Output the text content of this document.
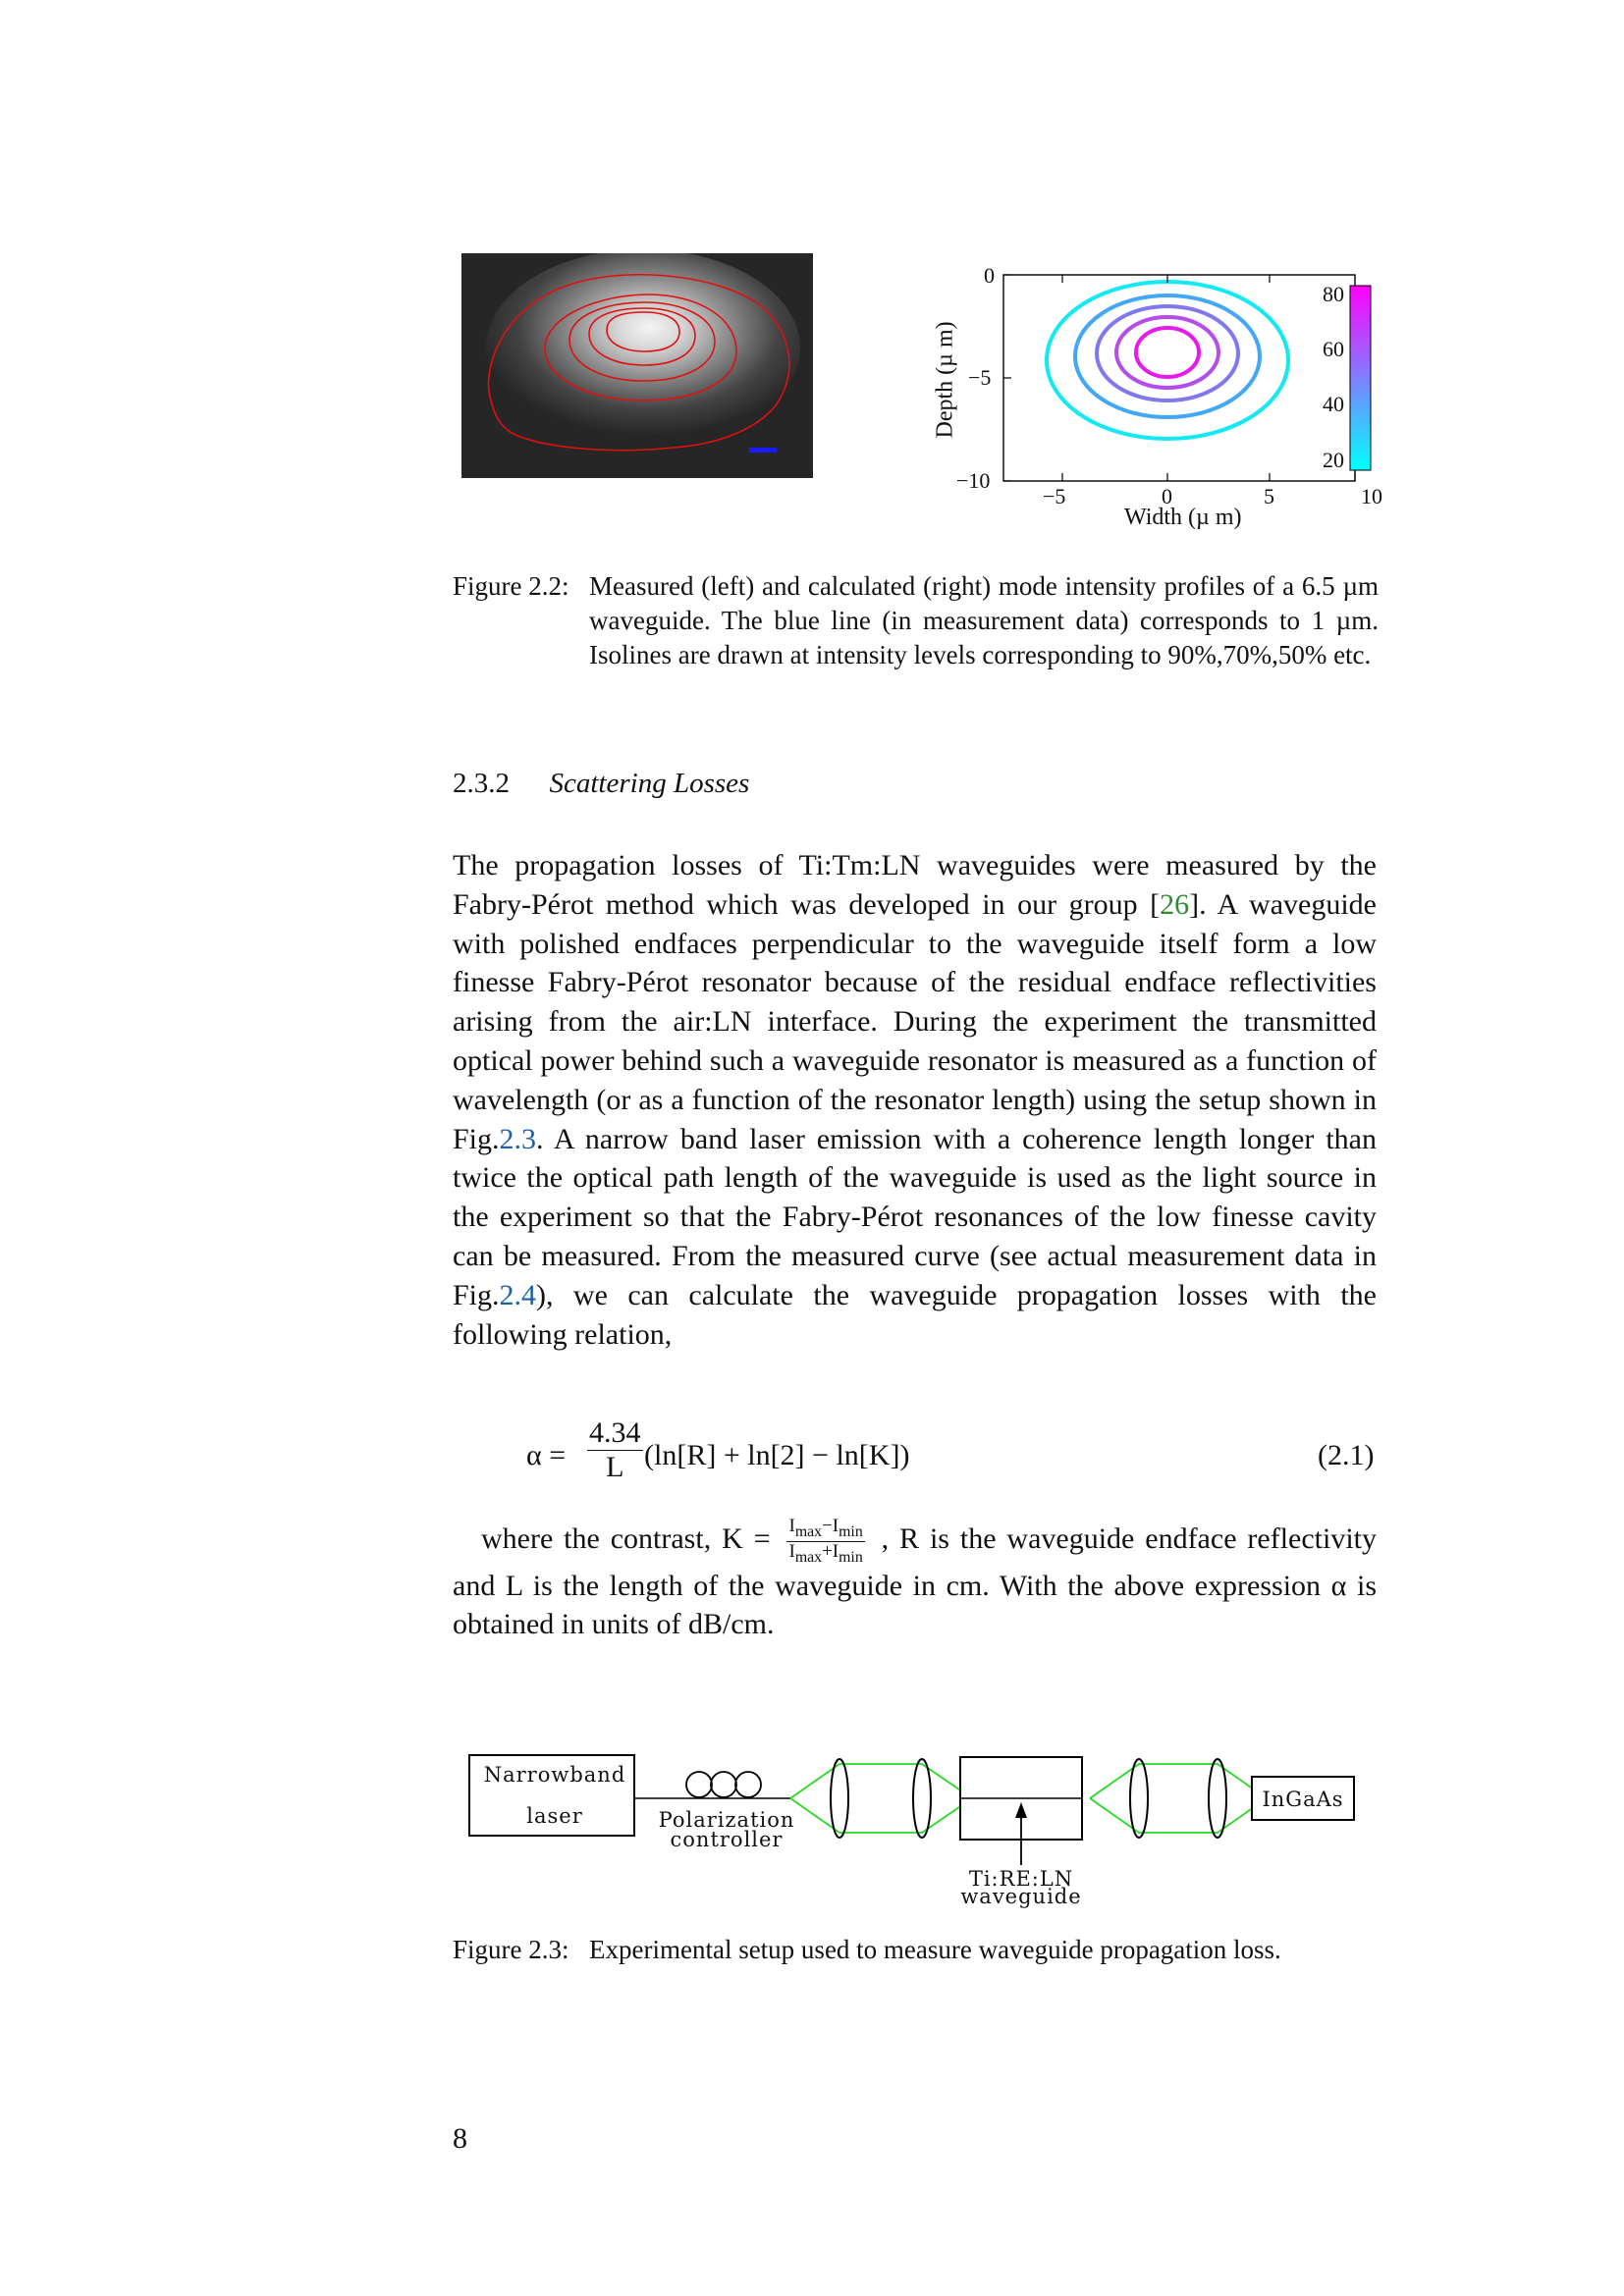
0
−5
−10
−5	0	5	10
Width (µ m)
Depth (µ m)
80
60
40
20
Figure 2.2: Measured (left) and calculated (right) mode intensity profiles of a 6.5 µm waveguide. The blue line (in measurement data) corresponds to 1 µm. Isolines are drawn at intensity levels corresponding to 90%,70%,50% etc.
2.3.2 Scattering Losses

The propagation losses of Ti:Tm:LN waveguides were measured by the Fabry-Pérot method which was developed in our group [26]. A waveguide with polished endfaces perpendicular to the waveguide itself form a low finesse Fabry-Pérot resonator because of the residual endface reflectivities arising from the air:LN interface. During the experiment the transmitted optical power behind such a waveguide resonator is measured as a function of wavelength (or as a function of the resonator length) using the setup shown in Fig.2.3. A narrow band laser emission with a coherence length longer than twice the optical path length of the waveguide is used as the light source in the experiment so that the Fabry-Pérot resonances of the low finesse cavity can be measured. From the measured curve (see actual measurement data in Fig.2.4), we can calculate the waveguide propagation losses with the following relation,

$\alpha = \frac{4.34}{L} (\ln[R] + \ln[2] - \ln[K])$	(2.1)
where the contrast, $K = \frac{I_{max}-I_{min}}{I_{max}+I_{min}}$ , R is the waveguide endface reflectivity and L is the length of the waveguide in cm. With the above expression α is obtained in units of dB/cm.
Narrowband
laser	Polarization
controller
InGaAs
Ti:RE:LN
waveguide
Figure 2.3: Experimental setup used to measure waveguide propagation loss.
8
